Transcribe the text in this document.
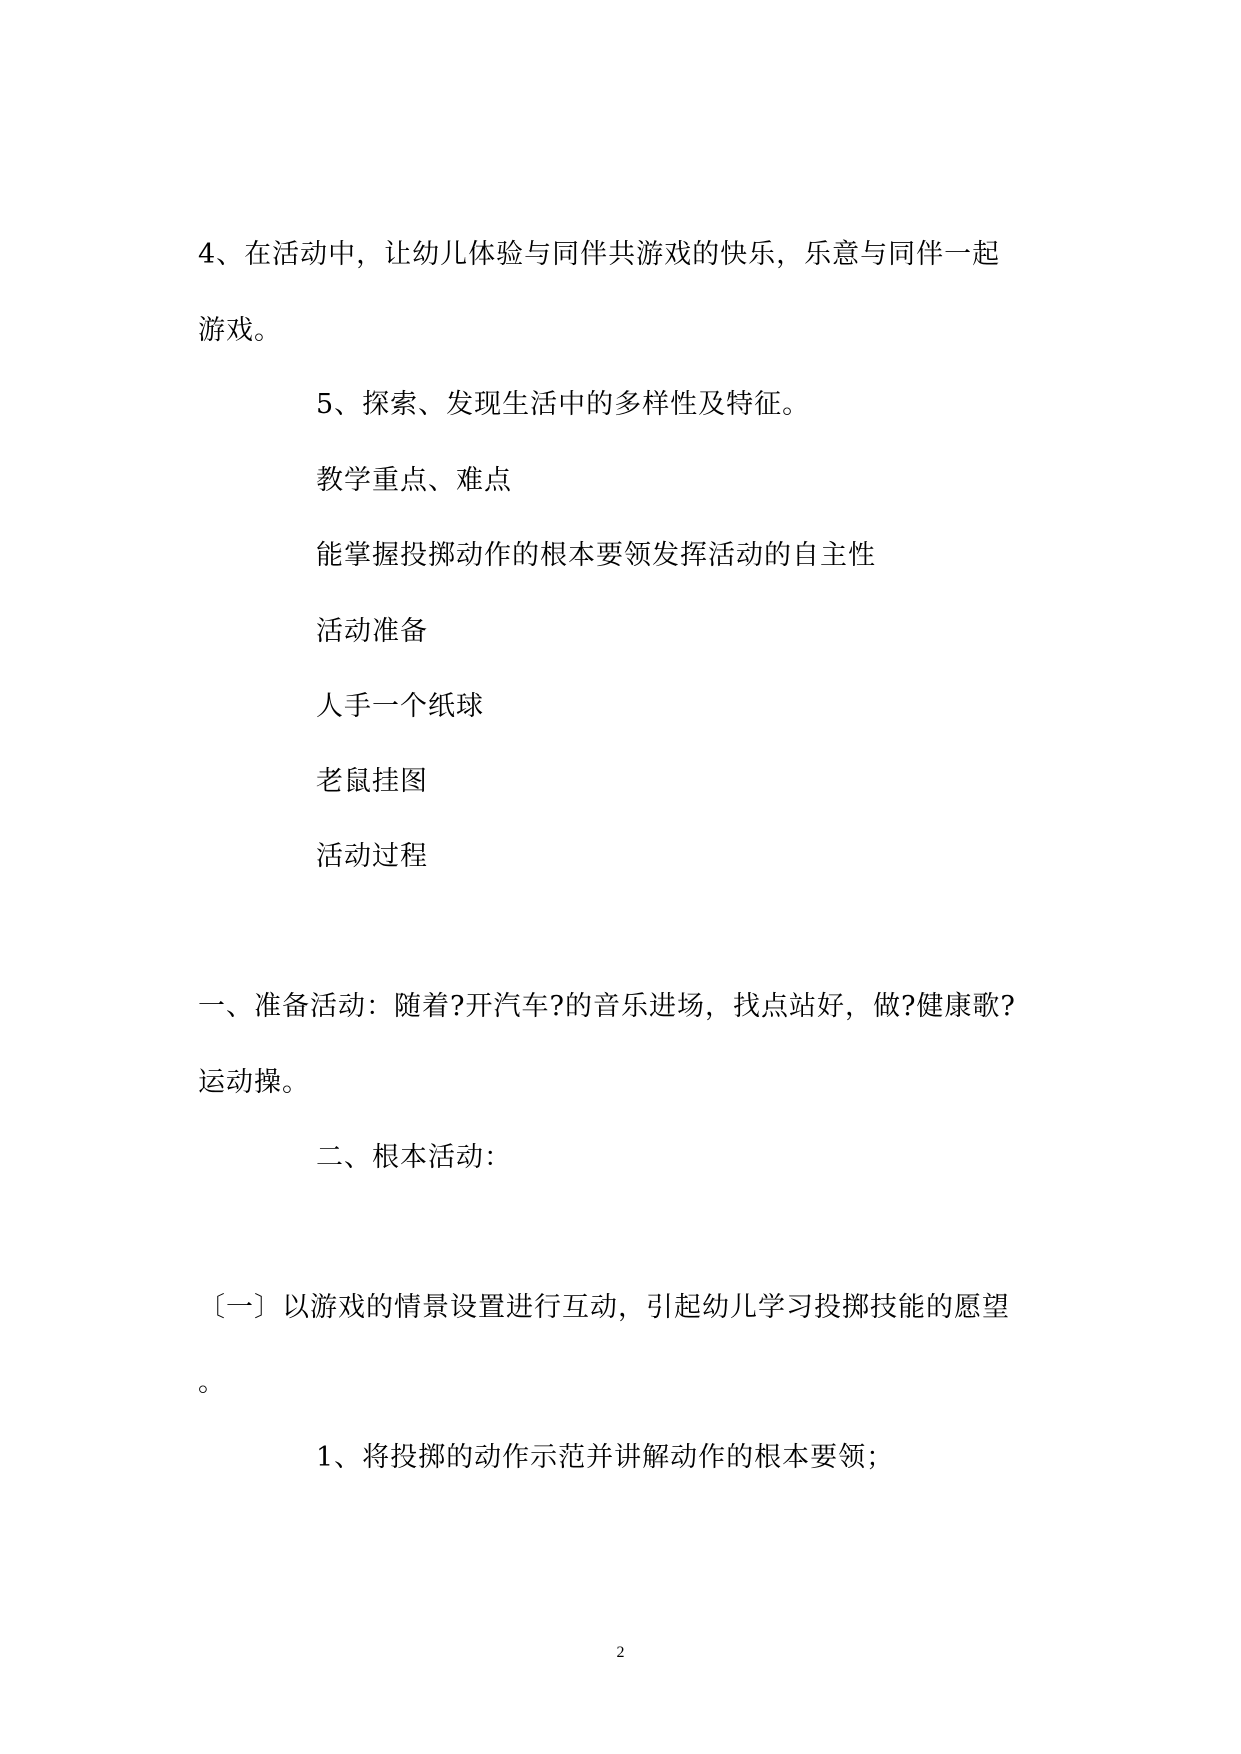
4、在活动中，让幼儿体验与同伴共游戏的快乐，乐意与同伴一起
游戏。
5、探索、发现生活中的多样性及特征。
教学重点、难点
能掌握投掷动作的根本要领发挥活动的自主性
活动准备
人手一个纸球
老鼠挂图
活动过程
一、准备活动：随着?开汽车?的音乐进场，找点站好，做?健康歌?
运动操。
二、根本活动：
〔一〕以游戏的情景设置进行互动，引起幼儿学习投掷技能的愿望
。
1、将投掷的动作示范并讲解动作的根本要领；
2
